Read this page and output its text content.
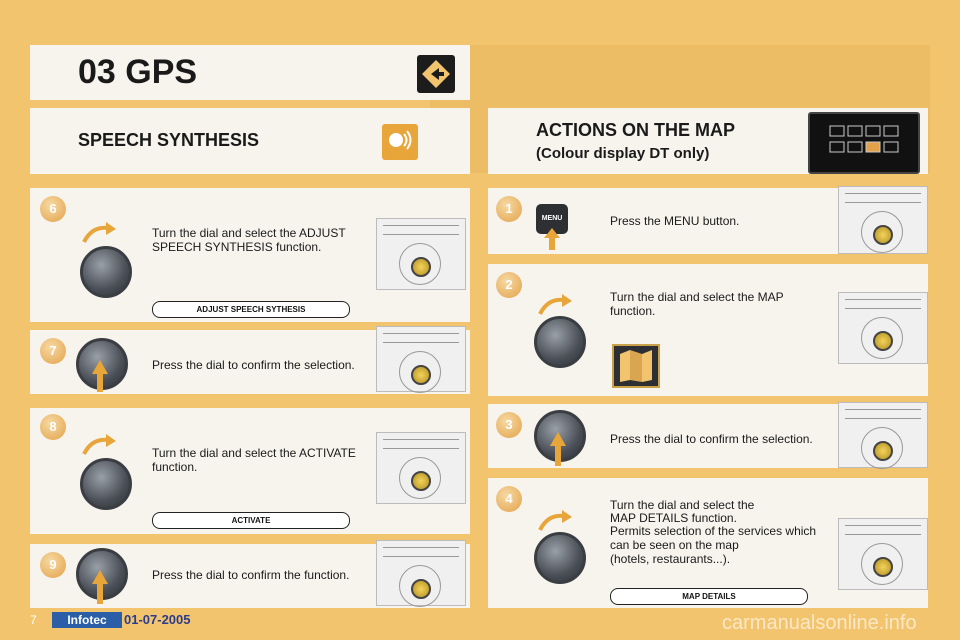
03 GPS
SPEECH SYNTHESIS	ACTIONS ON THE MAP
(Colour display DT only)
6
Turn the dial and select the ADJUST SPEECH SYNTHESIS function.
ADJUST SPEECH SYTHESIS
7
Press the dial to confirm the selection.
8
Turn the dial and select the ACTIVATE function.
ACTIVATE
9
Press the dial to confirm the function.
1
MENU	Press the MENU button.
2
Turn the dial and select the MAP function.
3
Press the dial to confirm the selection.
4	Turn the dial and select the
MAP DETAILS function.
Permits selection of the services which can be seen on the map
(hotels, restaurants...).
MAP DETAILS
7	Infotec	01-07-2005	carmanualsonline.info
